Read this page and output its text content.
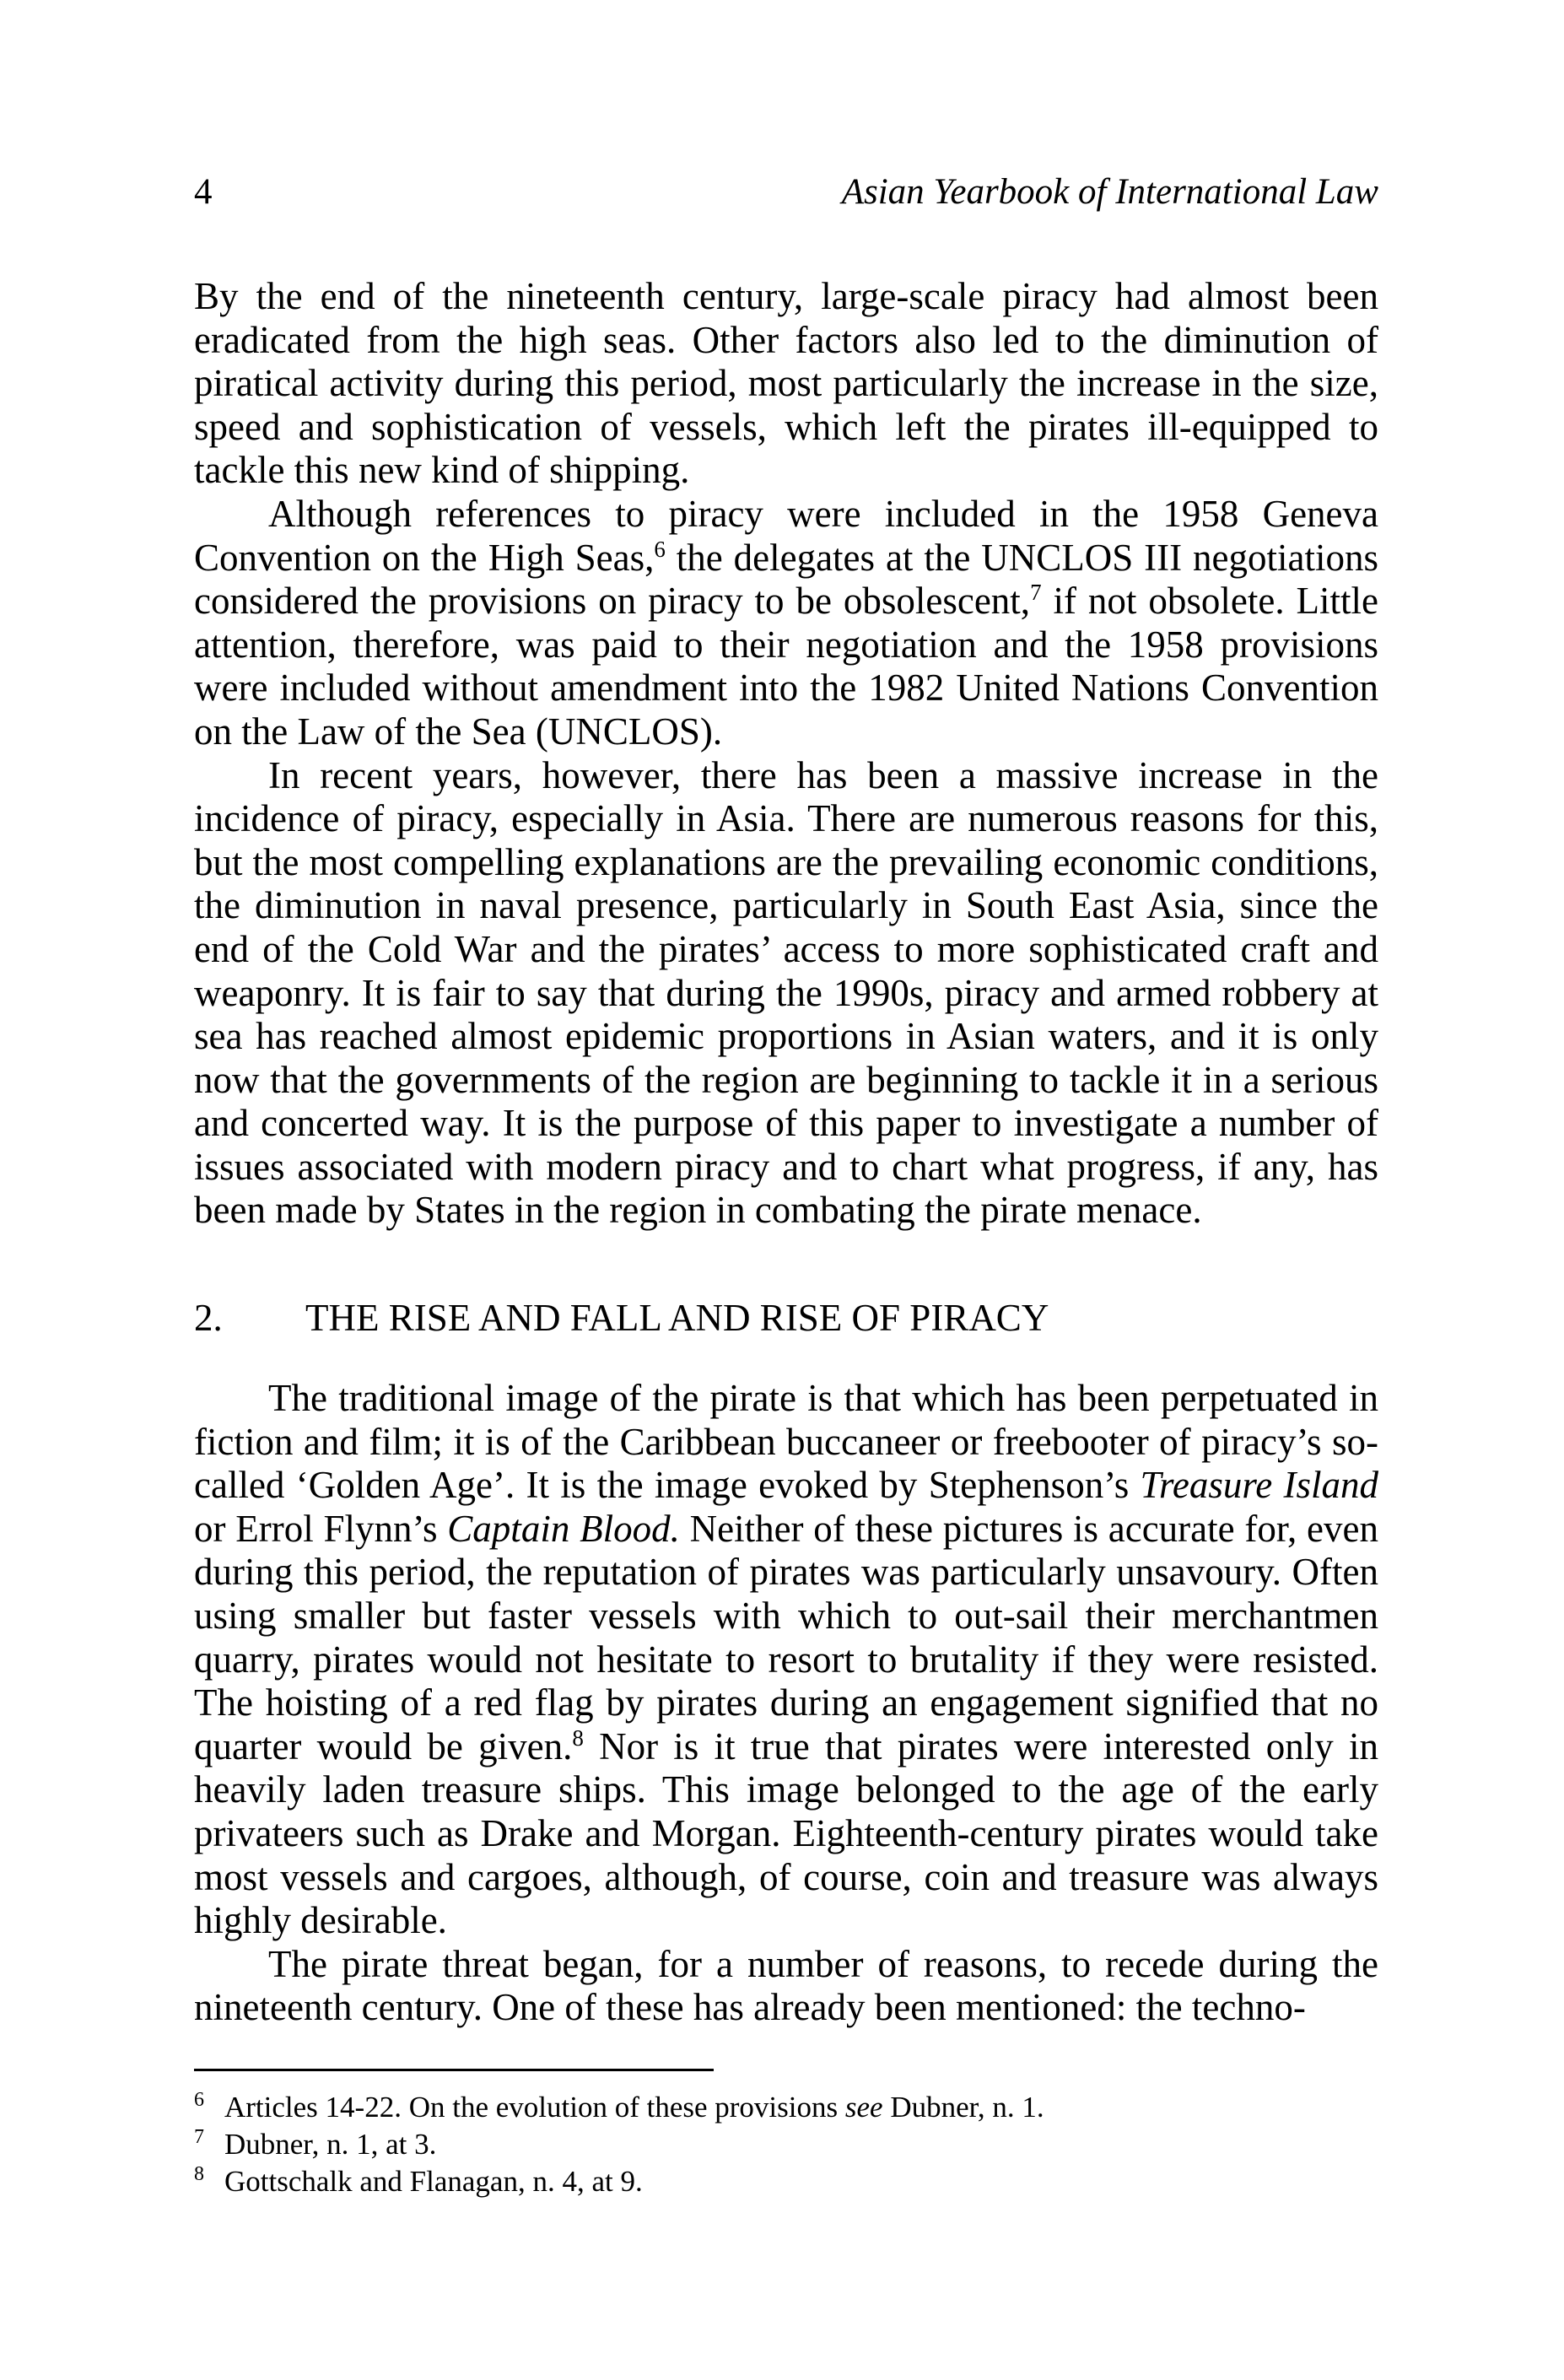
4	Asian Yearbook of International Law

By the end of the nineteenth century, large-scale piracy had almost been eradicated from the high seas. Other factors also led to the diminution of piratical activity during this period, most particularly the increase in the size, speed and sophistication of vessels, which left the pirates ill-equipped to tackle this new kind of shipping.

Although references to piracy were included in the 1958 Geneva Convention on the High Seas,$^6$ the delegates at the UNCLOS III negotiations considered the provisions on piracy to be obsolescent,$^7$ if not obsolete. Little attention, therefore, was paid to their negotiation and the 1958 provisions were included without amendment into the 1982 United Nations Convention on the Law of the Sea (UNCLOS).

In recent years, however, there has been a massive increase in the incidence of piracy, especially in Asia. There are numerous reasons for this, but the most compelling explanations are the prevailing economic conditions, the diminution in naval presence, particularly in South East Asia, since the end of the Cold War and the pirates’ access to more sophisticated craft and weaponry. It is fair to say that during the 1990s, piracy and armed robbery at sea has reached almost epidemic proportions in Asian waters, and it is only now that the governments of the region are beginning to tackle it in a serious and concerted way. It is the purpose of this paper to investigate a number of issues associated with modern piracy and to chart what progress, if any, has been made by States in the region in combating the pirate menace.

2. THE RISE AND FALL AND RISE OF PIRACY

The traditional image of the pirate is that which has been perpetuated in fiction and film; it is of the Caribbean buccaneer or freebooter of piracy’s so-called ‘Golden Age’. It is the image evoked by Stephenson’s Treasure Island or Errol Flynn’s Captain Blood. Neither of these pictures is accurate for, even during this period, the reputation of pirates was particularly unsavoury. Often using smaller but faster vessels with which to out-sail their merchantmen quarry, pirates would not hesitate to resort to brutality if they were resisted. The hoisting of a red flag by pirates during an engagement signified that no quarter would be given.$^8$ Nor is it true that pirates were interested only in heavily laden treasure ships. This image belonged to the age of the early privateers such as Drake and Morgan. Eighteenth-century pirates would take most vessels and cargoes, although, of course, coin and treasure was always highly desirable.

The pirate threat began, for a number of reasons, to recede during the nineteenth century. One of these has already been mentioned: the techno-

6 Articles 14-22. On the evolution of these provisions see Dubner, n. 1.
7 Dubner, n. 1, at 3.
8 Gottschalk and Flanagan, n. 4, at 9.
